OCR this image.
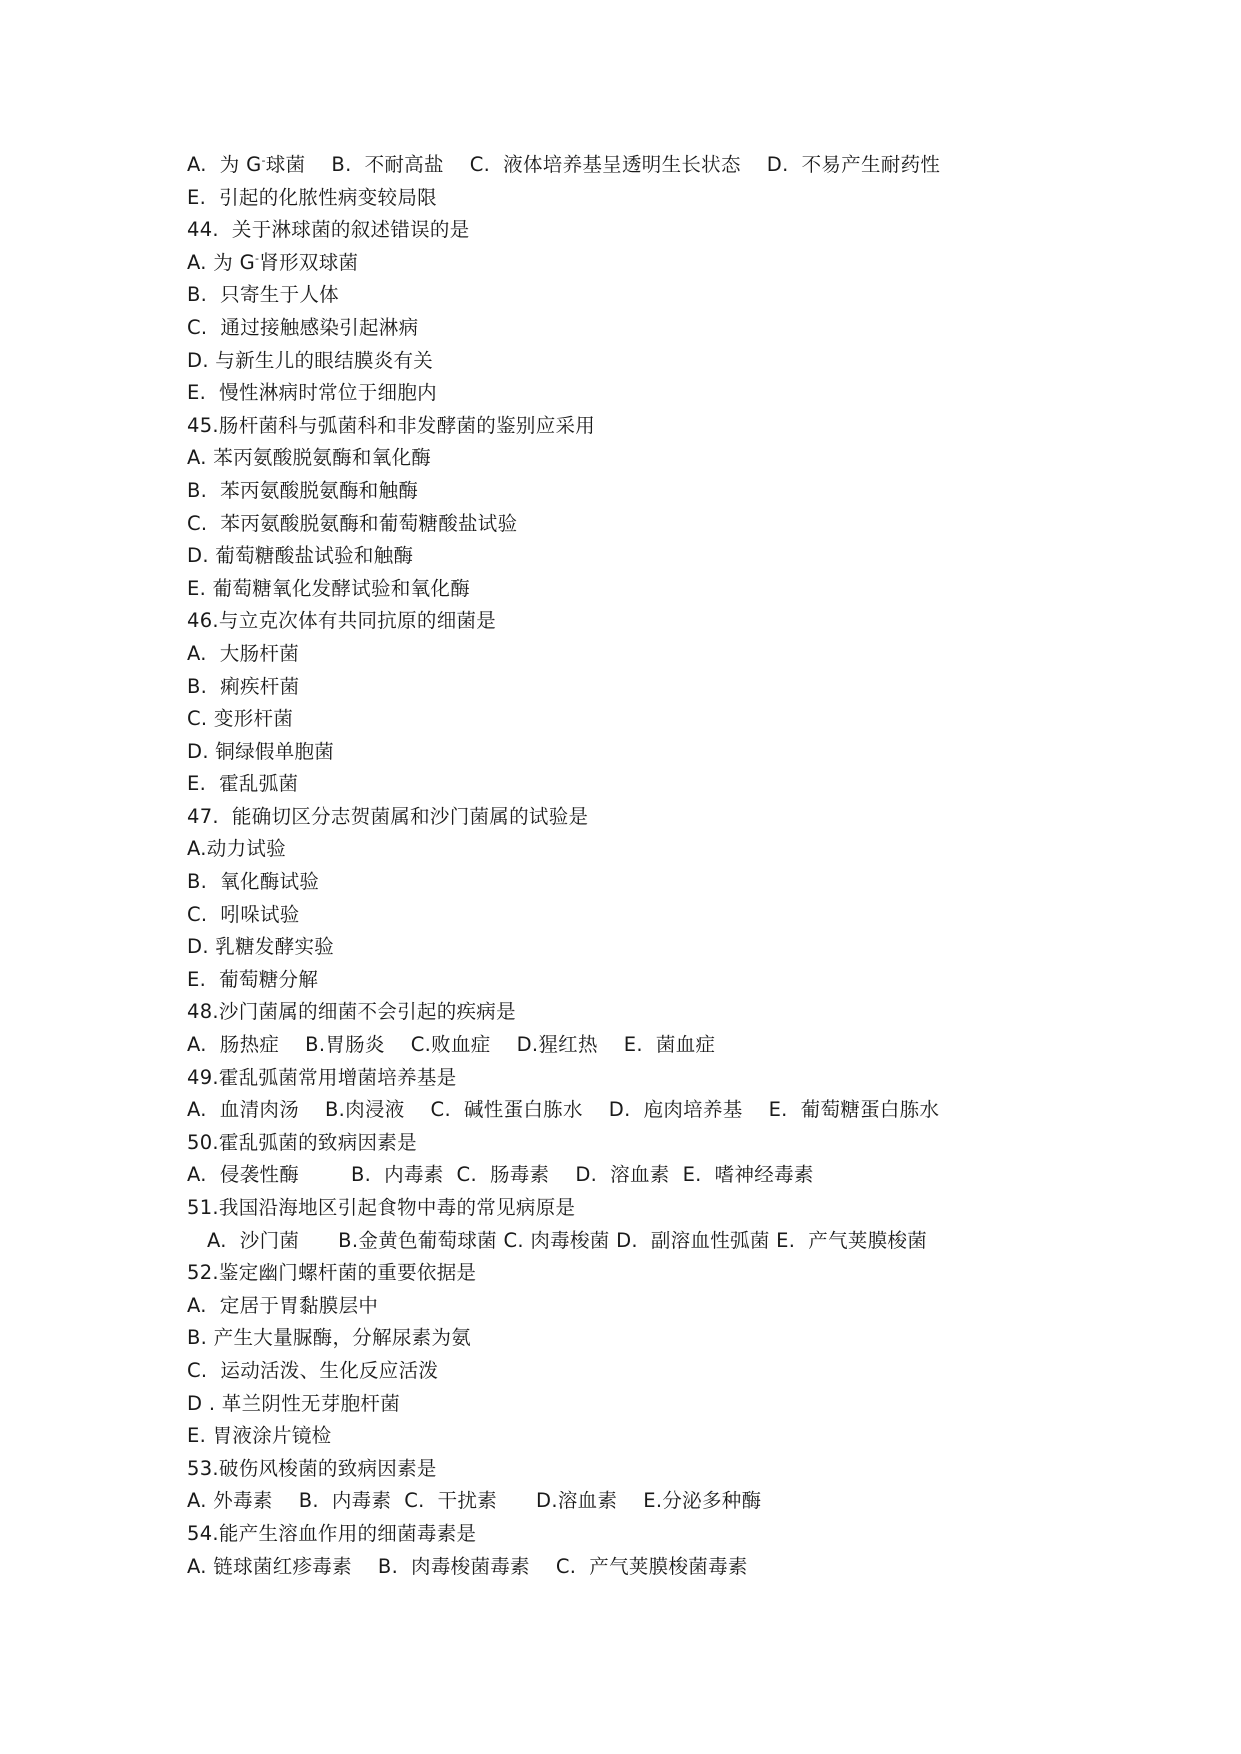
A.  为 G-球菌    B.  不耐高盐    C.  液体培养基呈透明生长状态    D.  不易产生耐药性
E.  引起的化脓性病变较局限
44.  关于淋球菌的叙述错误的是
A. 为 G-肾形双球菌
B.  只寄生于人体
C.  通过接触感染引起淋病
D. 与新生儿的眼结膜炎有关
E.  慢性淋病时常位于细胞内
45.肠杆菌科与弧菌科和非发酵菌的鉴别应采用
A. 苯丙氨酸脱氨酶和氧化酶
B.  苯丙氨酸脱氨酶和触酶
C.  苯丙氨酸脱氨酶和葡萄糖酸盐试验
D. 葡萄糖酸盐试验和触酶
E. 葡萄糖氧化发酵试验和氧化酶
46.与立克次体有共同抗原的细菌是
A.  大肠杆菌
B.  痢疾杆菌
C. 变形杆菌
D. 铜绿假单胞菌
E.  霍乱弧菌
47.  能确切区分志贺菌属和沙门菌属的试验是
A.动力试验
B.  氧化酶试验
C.  吲哚试验
D. 乳糖发酵实验
E.  葡萄糖分解
48.沙门菌属的细菌不会引起的疾病是
A.  肠热症    B.胃肠炎    C.败血症    D.猩红热    E.  菌血症
49.霍乱弧菌常用增菌培养基是
A.  血清肉汤    B.肉浸液    C.  碱性蛋白胨水    D.  庖肉培养基    E.  葡萄糖蛋白胨水
50.霍乱弧菌的致病因素是
A.  侵袭性酶        B.  内毒素  C.  肠毒素    D.  溶血素  E.  嗜神经毒素
51.我国沿海地区引起食物中毒的常见病原是
A.  沙门菌      B.金黄色葡萄球菌 C. 肉毒梭菌 D.  副溶血性弧菌 E.  产气荚膜梭菌
52.鉴定幽门螺杆菌的重要依据是
A.  定居于胃黏膜层中
B. 产生大量脲酶，分解尿素为氨
C.  运动活泼、生化反应活泼
D . 革兰阴性无芽胞杆菌
E. 胃液涂片镜检
53.破伤风梭菌的致病因素是
A. 外毒素    B.  内毒素  C.  干扰素      D.溶血素    E.分泌多种酶
54.能产生溶血作用的细菌毒素是
A. 链球菌红疹毒素    B.  肉毒梭菌毒素    C.  产气荚膜梭菌毒素
